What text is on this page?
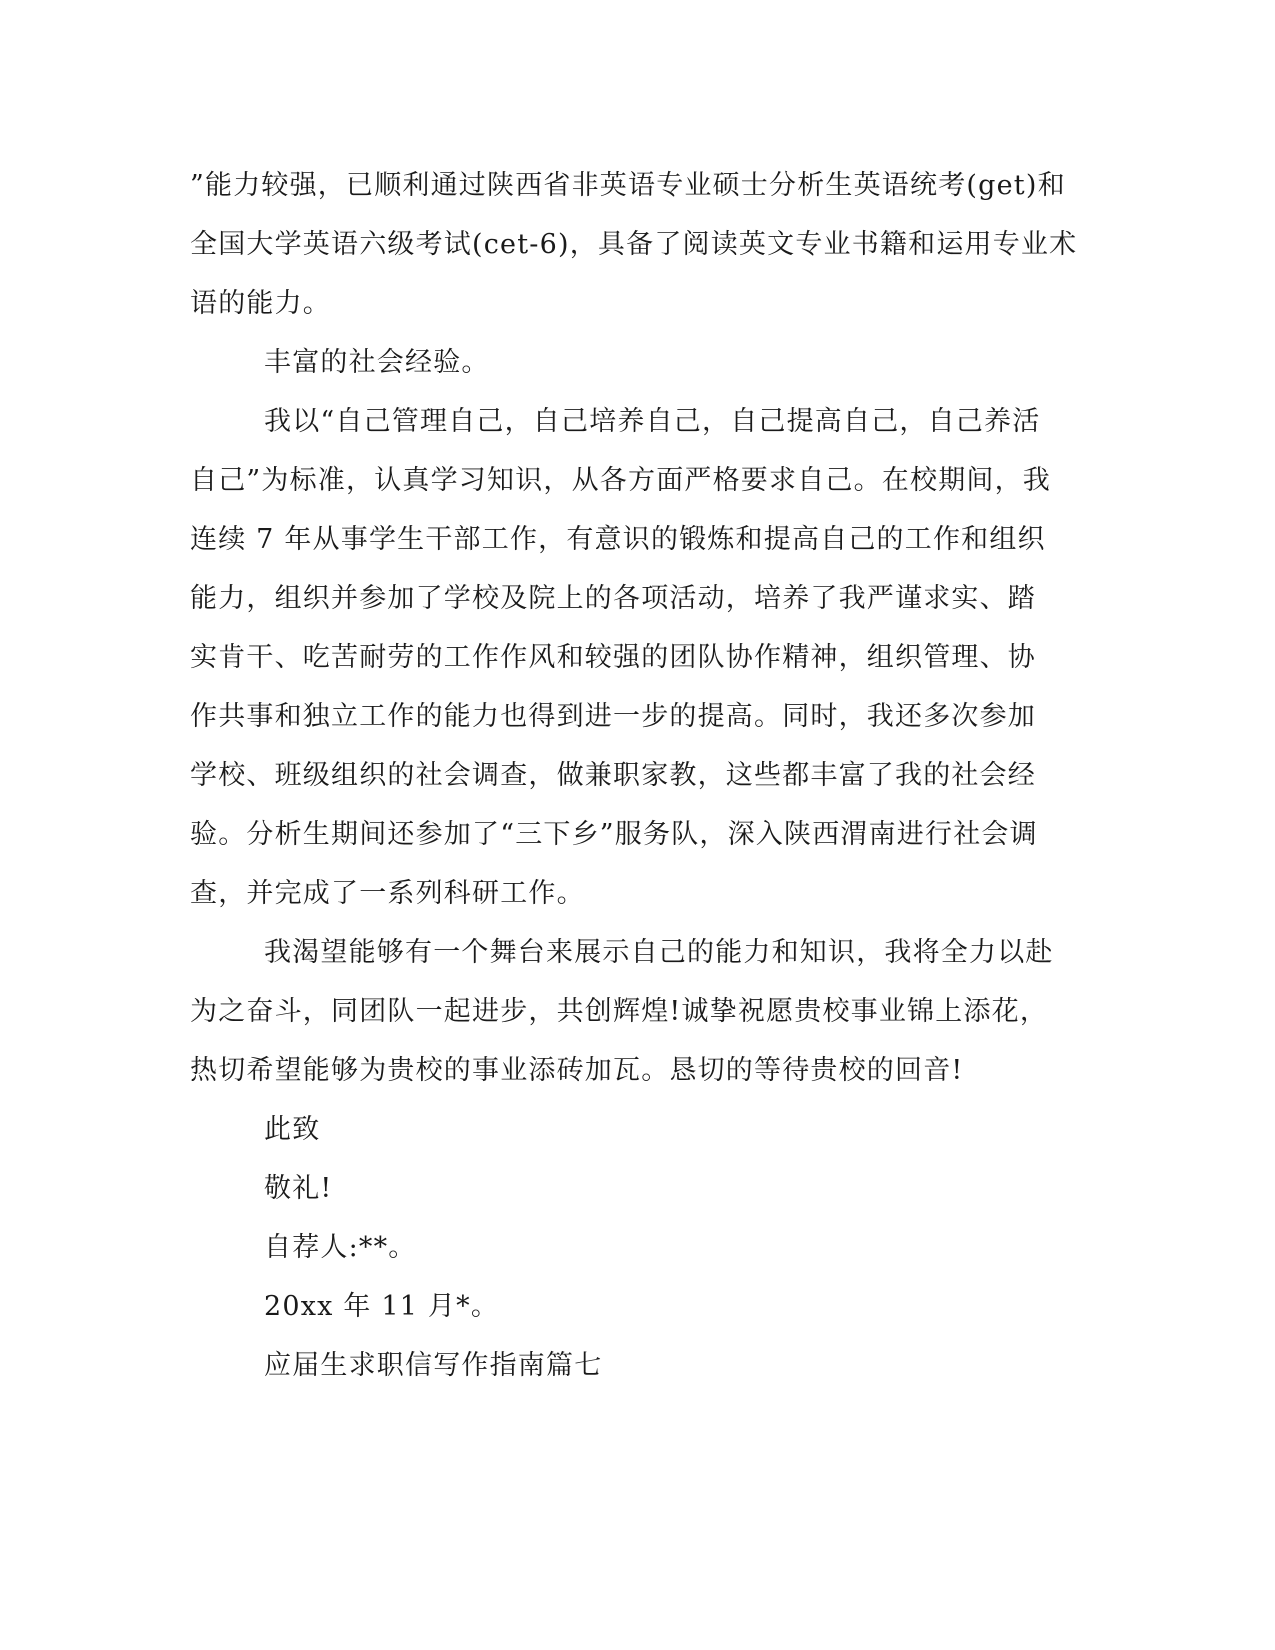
”能力较强，已顺利通过陕西省非英语专业硕士分析生英语统考(get)和
全国大学英语六级考试(cet-6)，具备了阅读英文专业书籍和运用专业术
语的能力。
丰富的社会经验。
我以“自己管理自己，自己培养自己，自己提高自己，自己养活
自己”为标准，认真学习知识，从各方面严格要求自己。在校期间，我
连续 7 年从事学生干部工作，有意识的锻炼和提高自己的工作和组织
能力，组织并参加了学校及院上的各项活动，培养了我严谨求实、踏
实肯干、吃苦耐劳的工作作风和较强的团队协作精神，组织管理、协
作共事和独立工作的能力也得到进一步的提高。同时，我还多次参加
学校、班级组织的社会调查，做兼职家教，这些都丰富了我的社会经
验。分析生期间还参加了“三下乡”服务队，深入陕西渭南进行社会调
查，并完成了一系列科研工作。
我渴望能够有一个舞台来展示自己的能力和知识，我将全力以赴
为之奋斗，同团队一起进步，共创辉煌!诚挚祝愿贵校事业锦上添花，
热切希望能够为贵校的事业添砖加瓦。恳切的等待贵校的回音!
此致
敬礼!
自荐人:**。
20xx 年 11 月*。
应届生求职信写作指南篇七
